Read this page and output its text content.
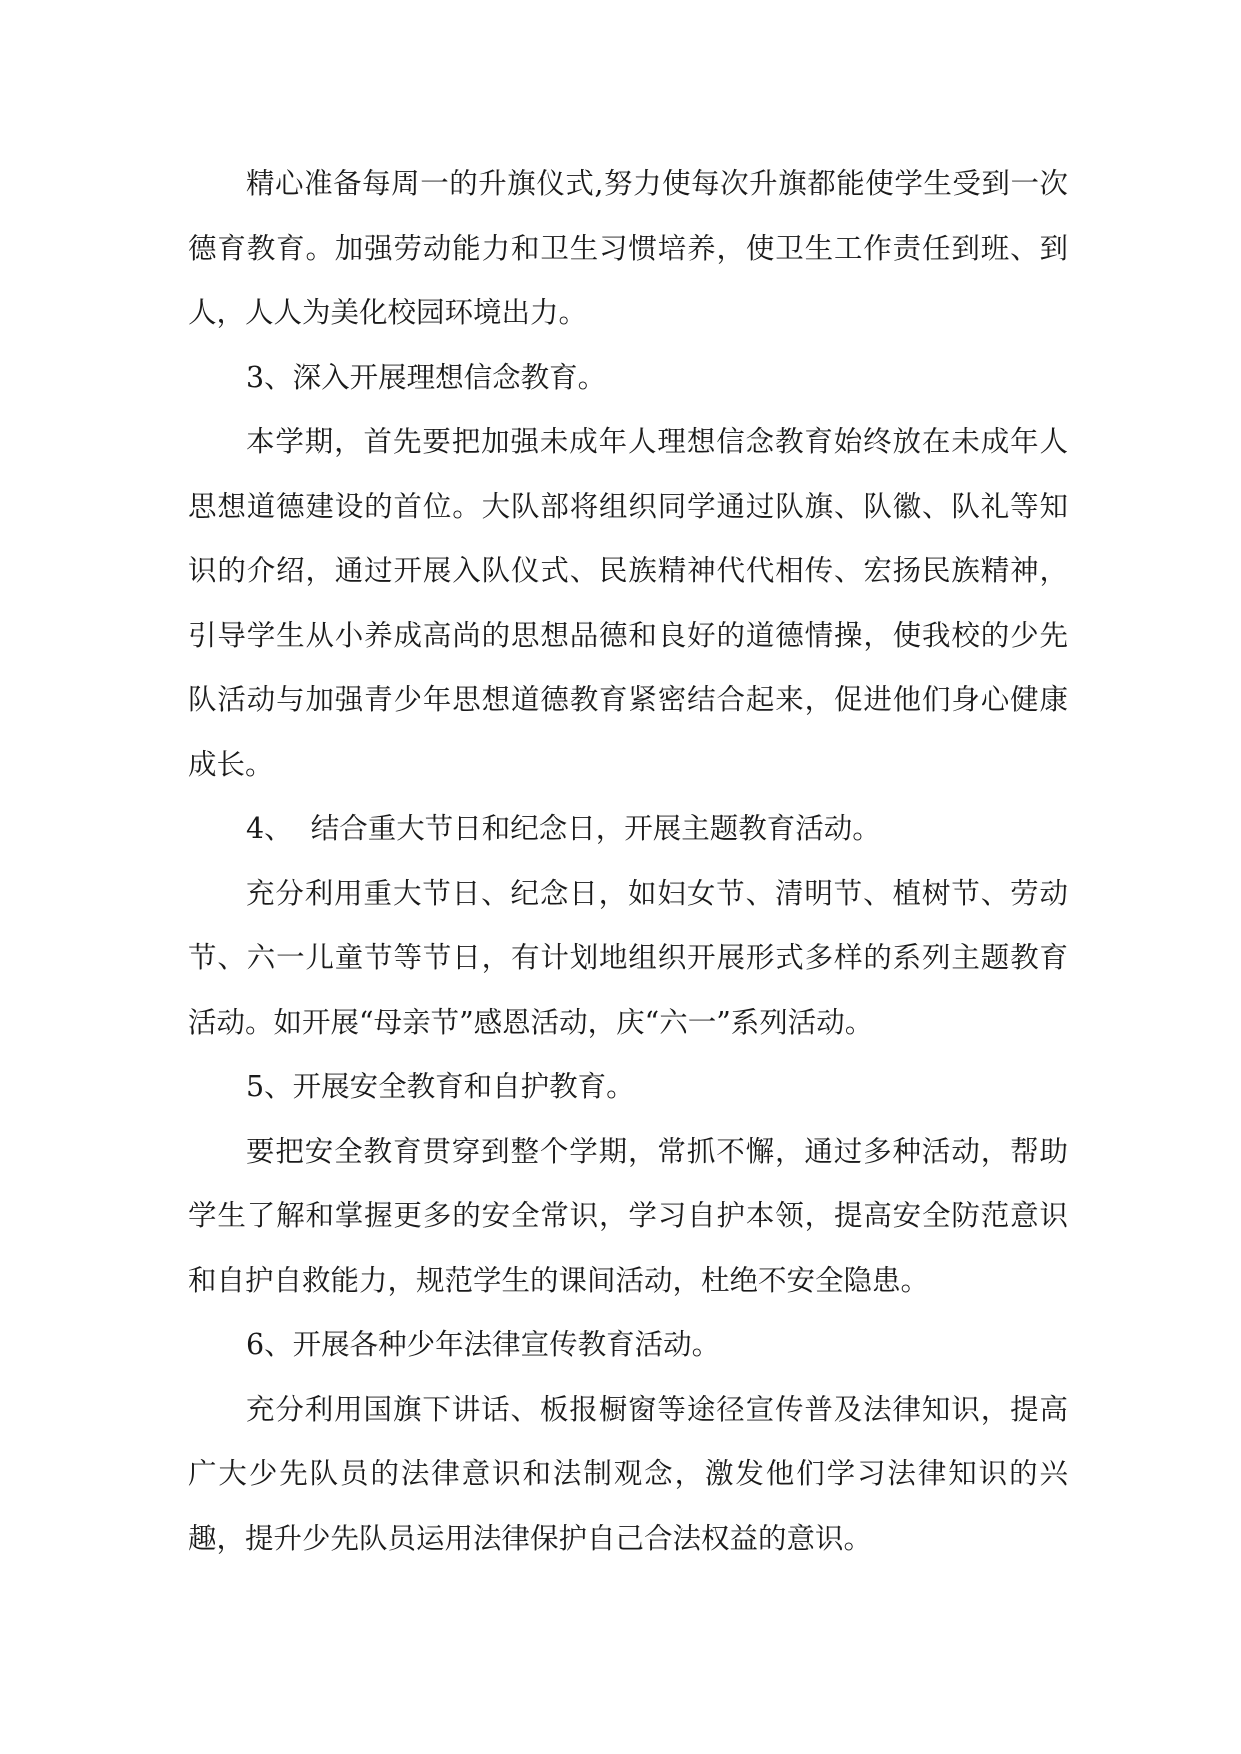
精心准备每周一的升旗仪式,努力使每次升旗都能使学生受到一次德育教育。加强劳动能力和卫生习惯培养，使卫生工作责任到班、到人，人人为美化校园环境出力。

3、深入开展理想信念教育。

本学期，首先要把加强未成年人理想信念教育始终放在未成年人思想道德建设的首位。大队部将组织同学通过队旗、队徽、队礼等知识的介绍，通过开展入队仪式、民族精神代代相传、宏扬民族精神，引导学生从小养成高尚的思想品德和良好的道德情操，使我校的少先队活动与加强青少年思想道德教育紧密结合起来，促进他们身心健康成长。

4、  结合重大节日和纪念日，开展主题教育活动。

充分利用重大节日、纪念日，如妇女节、清明节、植树节、劳动节、六一儿童节等节日，有计划地组织开展形式多样的系列主题教育活动。如开展“母亲节”感恩活动，庆“六一”系列活动。

5、开展安全教育和自护教育。

要把安全教育贯穿到整个学期，常抓不懈，通过多种活动，帮助学生了解和掌握更多的安全常识，学习自护本领，提高安全防范意识和自护自救能力，规范学生的课间活动，杜绝不安全隐患。

6、开展各种少年法律宣传教育活动。

充分利用国旗下讲话、板报橱窗等途径宣传普及法律知识，提高广大少先队员的法律意识和法制观念，激发他们学习法律知识的兴趣，提升少先队员运用法律保护自己合法权益的意识。
